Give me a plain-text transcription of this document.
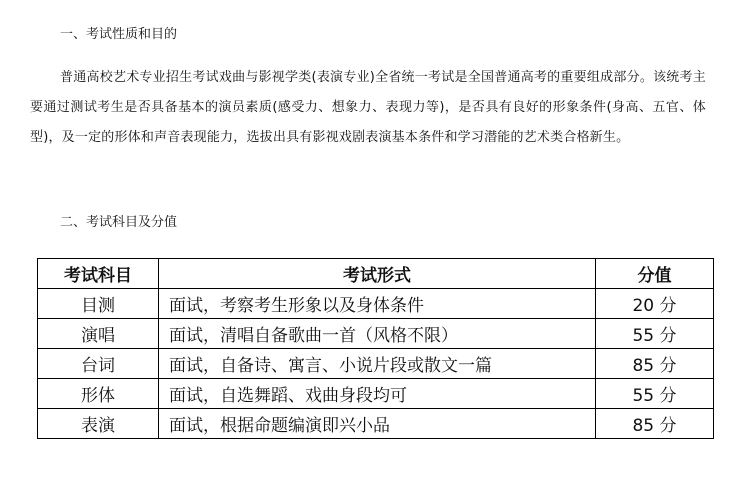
一、考试性质和目的
普通高校艺术专业招生考试戏曲与影视学类(表演专业)全省统一考试是全国普通高考的重要组成部分。该统考主要通过测试考生是否具备基本的演员素质(感受力、想象力、表现力等)，是否具有良好的形象条件(身高、五官、体型)，及一定的形体和声音表现能力，选拔出具有影视戏剧表演基本条件和学习潜能的艺术类合格新生。
二、考试科目及分值
考试科目	考试形式	分值
目测	面试，考察考生形象以及身体条件	20 分
演唱	面试，清唱自备歌曲一首（风格不限）	55 分
台词	面试，自备诗、寓言、小说片段或散文一篇	85 分
形体	面试，自选舞蹈、戏曲身段均可	55 分
表演	面试，根据命题编演即兴小品	85 分
